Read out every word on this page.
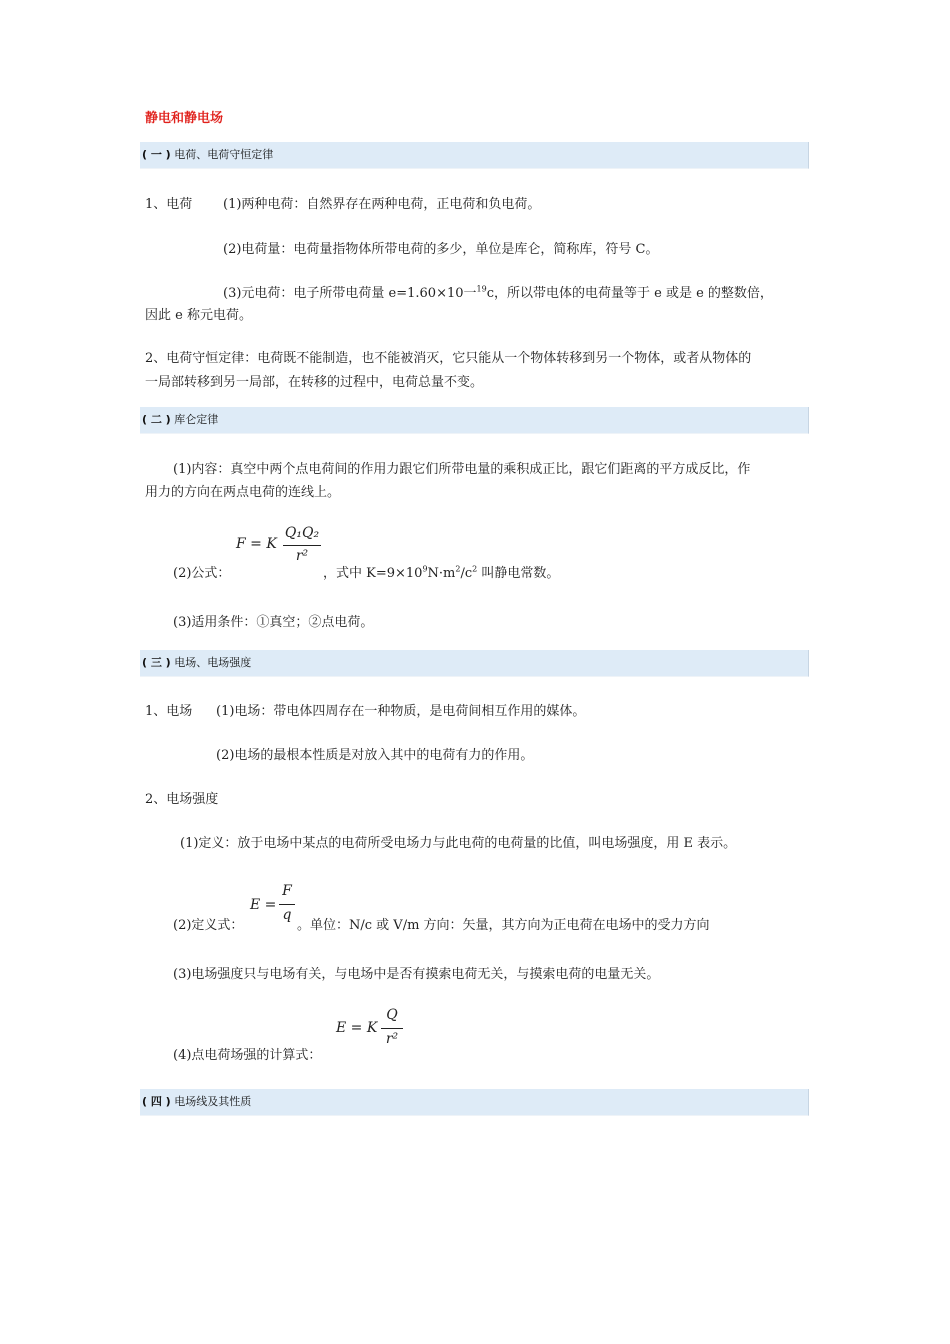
静电和静电场
( 一 ) 电荷、电荷守恒定律
1、电荷 (1)两种电荷：自然界存在两种电荷，正电荷和负电荷。
(2)电荷量：电荷量指物体所带电荷的多少，单位是库仑，简称库，符号 C。
(3)元电荷：电子所带电荷量 e=1.60×10一$^{19}$c，所以带电体的电荷量等于 e 或是 e 的整数倍，
因此 e 称元电荷。
2、电荷守恒定律：电荷既不能制造，也不能被消灭，它只能从一个物体转移到另一个物体，或者从物体的
一局部转移到另一局部，在转移的过程中，电荷总量不变。
( 二 ) 库仑定律
(1)内容：真空中两个点电荷间的作用力跟它们所带电量的乘积成正比，跟它们距离的平方成反比，作
用力的方向在两点电荷的连线上。
F = K
Q₁Q₂
r²
(2)公式：	，式中 $K=9\times 10^9N\cdot m^2/c^2$ 叫静电常数。
(3)适用条件：①真空；②点电荷。
( 三 ) 电场、电场强度
1、电场 (1)电场：带电体四周存在一种物质，是电荷间相互作用的媒体。
(2)电场的最根本性质是对放入其中的电荷有力的作用。
2、电场强度
(1)定义：放于电场中某点的电荷所受电场力与此电荷的电荷量的比值，叫电场强度，用 E 表示。
E =
F
q
(2)定义式：	。单位：N/c 或 V/m 方向：矢量，其方向为正电荷在电场中的受力方向
(3)电场强度只与电场有关，与电场中是否有摸索电荷无关，与摸索电荷的电量无关。
E = K
Q
r²
(4)点电荷场强的计算式：
( 四 ) 电场线及其性质
